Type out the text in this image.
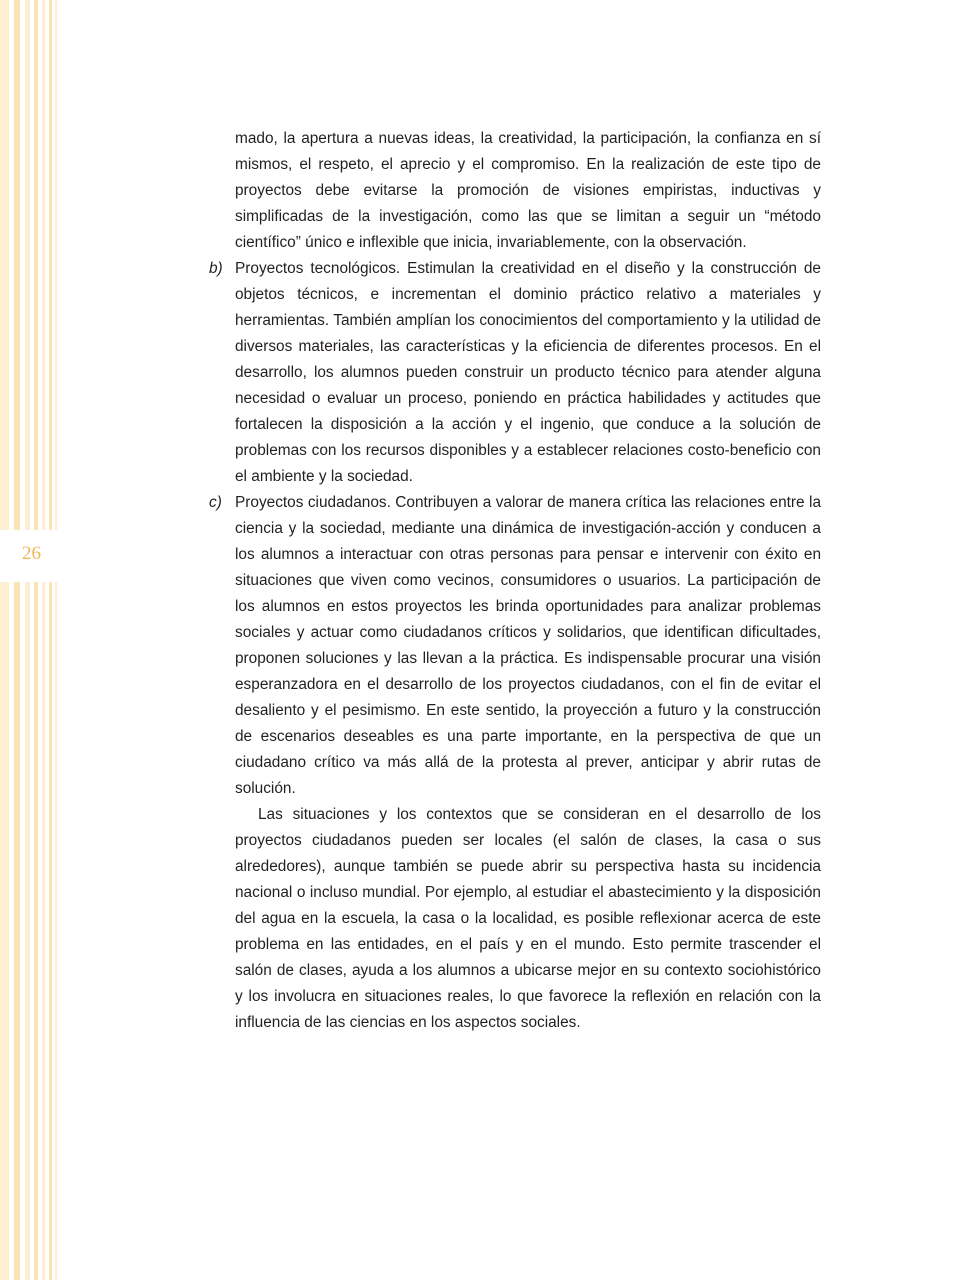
26

mado, la apertura a nuevas ideas, la creatividad, la participación, la confianza en sí mismos, el respeto, el aprecio y el compromiso. En la realización de este tipo de proyectos debe evitarse la promoción de visiones empiristas, inductivas y simplificadas de la investigación, como las que se limitan a seguir un “método científico” único e inflexible que inicia, invariablemente, con la observación.

b) Proyectos tecnológicos. Estimulan la creatividad en el diseño y la construcción de objetos técnicos, e incrementan el dominio práctico relativo a materiales y herramientas. También amplían los conocimientos del comportamiento y la utilidad de diversos materiales, las características y la eficiencia de diferentes procesos. En el desarrollo, los alumnos pueden construir un producto técnico para atender alguna necesidad o evaluar un proceso, poniendo en práctica habilidades y actitudes que fortalecen la disposición a la acción y el ingenio, que conduce a la solución de problemas con los recursos disponibles y a establecer relaciones costo-beneficio con el ambiente y la sociedad.

c) Proyectos ciudadanos. Contribuyen a valorar de manera crítica las relaciones entre la ciencia y la sociedad, mediante una dinámica de investigación-acción y conducen a los alumnos a interactuar con otras personas para pensar e intervenir con éxito en situaciones que viven como vecinos, consumidores o usuarios. La participación de los alumnos en estos proyectos les brinda oportunidades para analizar problemas sociales y actuar como ciudadanos críticos y solidarios, que identifican dificultades, proponen soluciones y las llevan a la práctica. Es indispensable procurar una visión esperanzadora en el desarrollo de los proyectos ciudadanos, con el fin de evitar el desaliento y el pesimismo. En este sentido, la proyección a futuro y la construcción de escenarios deseables es una parte importante, en la perspectiva de que un ciudadano crítico va más allá de la protesta al prever, anticipar y abrir rutas de solución.

Las situaciones y los contextos que se consideran en el desarrollo de los proyectos ciudadanos pueden ser locales (el salón de clases, la casa o sus alrededores), aunque también se puede abrir su perspectiva hasta su incidencia nacional o incluso mundial. Por ejemplo, al estudiar el abastecimiento y la disposición del agua en la escuela, la casa o la localidad, es posible reflexionar acerca de este problema en las entidades, en el país y en el mundo. Esto permite trascender el salón de clases, ayuda a los alumnos a ubicarse mejor en su contexto sociohistórico y los involucra en situaciones reales, lo que favorece la reflexión en relación con la influencia de las ciencias en los aspectos sociales.
